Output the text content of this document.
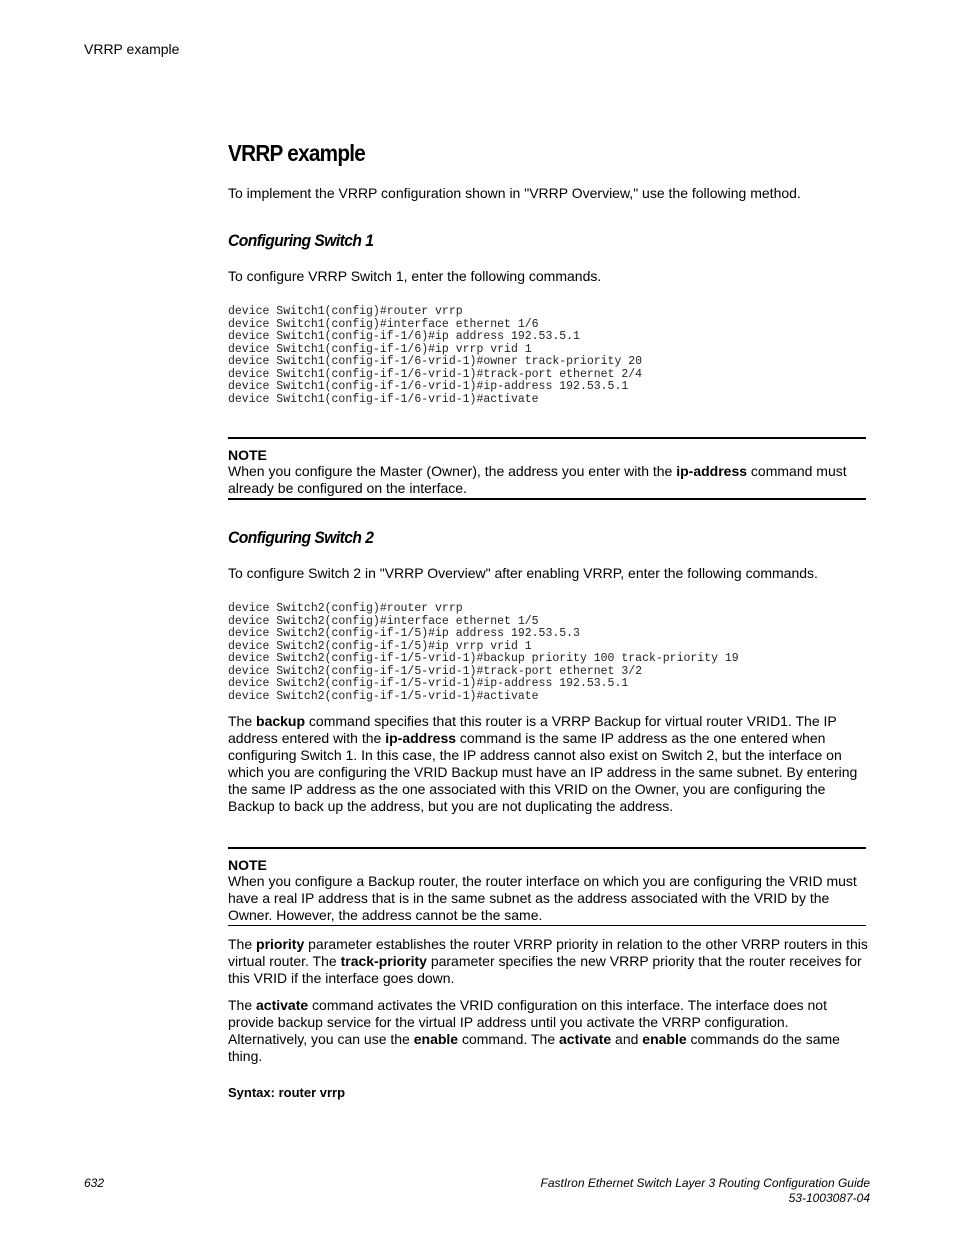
VRRP example
VRRP example
To implement the VRRP configuration shown in "VRRP Overview," use the following method.
Configuring Switch 1
To configure VRRP Switch 1, enter the following commands.
device Switch1(config)#router vrrp
device Switch1(config)#interface ethernet 1/6
device Switch1(config-if-1/6)#ip address 192.53.5.1
device Switch1(config-if-1/6)#ip vrrp vrid 1
device Switch1(config-if-1/6-vrid-1)#owner track-priority 20
device Switch1(config-if-1/6-vrid-1)#track-port ethernet 2/4
device Switch1(config-if-1/6-vrid-1)#ip-address 192.53.5.1
device Switch1(config-if-1/6-vrid-1)#activate
NOTE
When you configure the Master (Owner), the address you enter with the ip-address command must already be configured on the interface.
Configuring Switch 2
To configure Switch 2 in "VRRP Overview" after enabling VRRP, enter the following commands.
device Switch2(config)#router vrrp
device Switch2(config)#interface ethernet 1/5
device Switch2(config-if-1/5)#ip address 192.53.5.3
device Switch2(config-if-1/5)#ip vrrp vrid 1
device Switch2(config-if-1/5-vrid-1)#backup priority 100 track-priority 19
device Switch2(config-if-1/5-vrid-1)#track-port ethernet 3/2
device Switch2(config-if-1/5-vrid-1)#ip-address 192.53.5.1
device Switch2(config-if-1/5-vrid-1)#activate
The backup command specifies that this router is a VRRP Backup for virtual router VRID1. The IP address entered with the ip-address command is the same IP address as the one entered when configuring Switch 1. In this case, the IP address cannot also exist on Switch 2, but the interface on which you are configuring the VRID Backup must have an IP address in the same subnet. By entering the same IP address as the one associated with this VRID on the Owner, you are configuring the Backup to back up the address, but you are not duplicating the address.
NOTE
When you configure a Backup router, the router interface on which you are configuring the VRID must have a real IP address that is in the same subnet as the address associated with the VRID by the Owner. However, the address cannot be the same.
The priority parameter establishes the router VRRP priority in relation to the other VRRP routers in this virtual router. The track-priority parameter specifies the new VRRP priority that the router receives for this VRID if the interface goes down.
The activate command activates the VRID configuration on this interface. The interface does not provide backup service for the virtual IP address until you activate the VRRP configuration. Alternatively, you can use the enable command. The activate and enable commands do the same thing.
Syntax: router vrrp
632	FastIron Ethernet Switch Layer 3 Routing Configuration Guide
53-1003087-04
